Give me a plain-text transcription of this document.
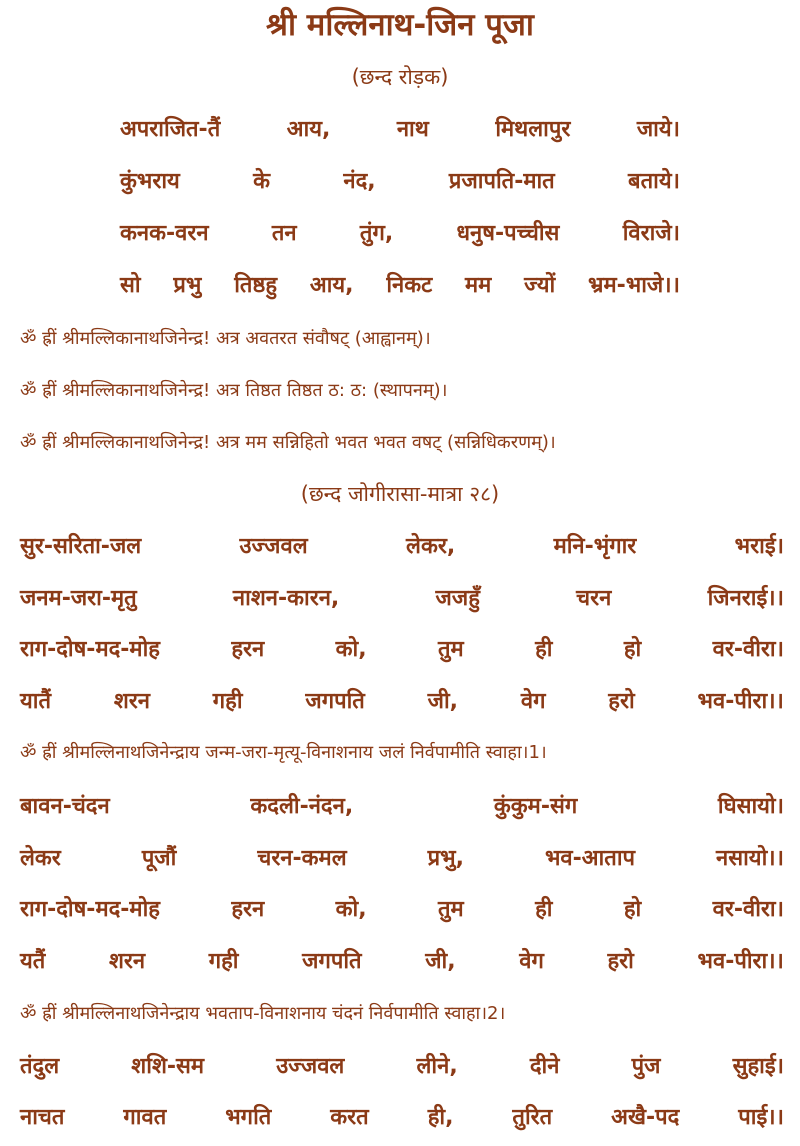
श्री मल्लिनाथ-जिन पूजा
(छन्द रोड़क)
अपराजित-तैं	आय,	नाथ	मिथलापुर	जाये।
कुंभराय	के	नंद,	प्रजापति-मात	बताये।
कनक-वरन	तन	तुंग,	धनुष-पच्चीस	विराजे।
सो प्रभु तिष्ठहु आय, निकट मम ज्यों भ्रम-भाजे।।
ॐ ह्रीं श्रीमल्लिकानाथजिनेन्द्र! अत्र अवतरत संवौषट् (आह्वानम्)।
ॐ ह्रीं श्रीमल्लिकानाथजिनेन्द्र! अत्र तिष्ठत तिष्ठत ठ: ठ: (स्थापनम्)।
ॐ ह्रीं श्रीमल्लिकानाथजिनेन्द्र! अत्र मम सन्निहितो भवत भवत वषट् (सन्निधिकरणम्)।
(छन्द जोगीरासा-मात्रा २८)
सुर-सरिता-जल	उज्जवल	लेकर,	मनि-भृंगार	भराई।
जनम-जरा-मृतु	नाशन-कारन,	जजहुँ	चरन	जिनराई।।
राग-दोष-मद-मोह	हरन	को,	तुम	ही	हो	वर-वीरा।
यातैं	शरन	गही	जगपति	जी,	वेग	हरो	भव-पीरा।।
ॐ ह्रीं श्रीमल्लिनाथजिनेन्द्राय जन्म-जरा-मृत्यू-विनाशनाय जलं निर्वपामीति स्वाहा।1।
बावन-चंदन	कदली-नंदन,	कुंकुम-संग	घिसायो।
लेकर	पूजौं	चरन-कमल	प्रभु,	भव-आताप	नसायो।।
राग-दोष-मद-मोह	हरन	को,	तुम	ही	हो	वर-वीरा।
यतैं	शरन	गही	जगपति	जी,	वेग	हरो	भव-पीरा।।
ॐ ह्रीं श्रीमल्लिनाथजिनेन्द्राय भवताप-विनाशनाय चंदनं निर्वपामीति स्वाहा।2।
तंदुल	शशि-सम	उज्जवल	लीने,	दीने	पुंज	सुहाई।
नाचत	गावत	भगति	करत	ही,	तुरित	अखै-पद	पाई।।
